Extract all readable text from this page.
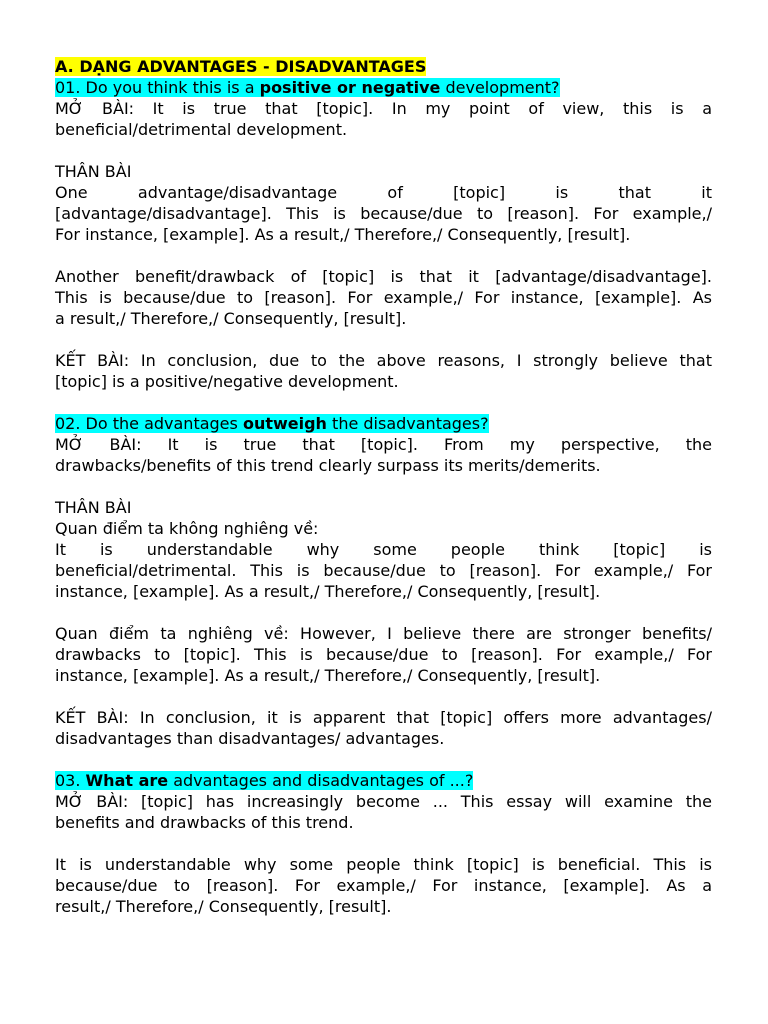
A. DẠNG ADVANTAGES - DISADVANTAGES

01. Do you think this is a positive or negative development?

MỞ BÀI: It is true that [topic]. In my point of view, this is a

beneficial/detrimental development.

THÂN BÀI

One advantage/disadvantage of [topic] is that it

[advantage/disadvantage]. This is because/due to [reason]. For example,/

For instance, [example]. As a result,/ Therefore,/ Consequently, [result].

Another benefit/drawback of [topic] is that it [advantage/disadvantage].

This is because/due to [reason]. For example,/ For instance, [example]. As

a result,/ Therefore,/ Consequently, [result].

KẾT BÀI: In conclusion, due to the above reasons, I strongly believe that

[topic] is a positive/negative development.

02. Do the advantages outweigh the disadvantages?

MỞ BÀI: It is true that [topic]. From my perspective, the

drawbacks/benefits of this trend clearly surpass its merits/demerits.

THÂN BÀI

Quan điểm ta không nghiêng về:

It is understandable why some people think [topic] is

beneficial/detrimental. This is because/due to [reason]. For example,/ For

instance, [example]. As a result,/ Therefore,/ Consequently, [result].

Quan điểm ta nghiêng về: However, I believe there are stronger benefits/

drawbacks to [topic]. This is because/due to [reason]. For example,/ For

instance, [example]. As a result,/ Therefore,/ Consequently, [result].

KẾT BÀI: In conclusion, it is apparent that [topic] offers more advantages/

disadvantages than disadvantages/ advantages.

03. What are advantages and disadvantages of ...?

MỞ BÀI: [topic] has increasingly become ... This essay will examine the

benefits and drawbacks of this trend.

It is understandable why some people think [topic] is beneficial. This is

because/due to [reason]. For example,/ For instance, [example]. As a

result,/ Therefore,/ Consequently, [result].
